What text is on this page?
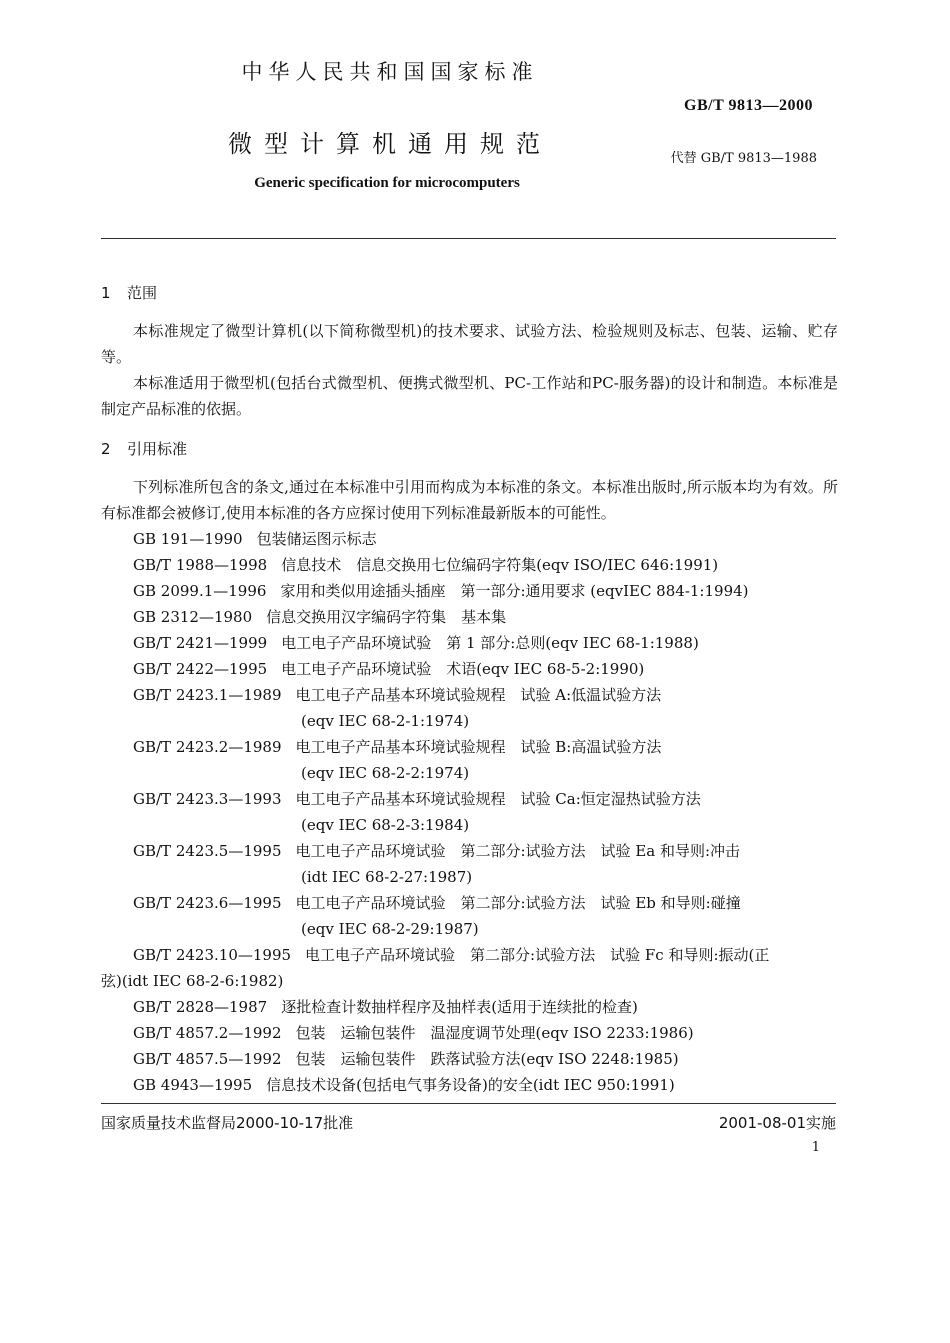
中华人民共和国国家标准
GB/T 9813—2000
微型计算机通用规范
代替 GB/T 9813—1988
Generic specification for microcomputers
1 范围

本标准规定了微型计算机(以下简称微型机)的技术要求、试验方法、检验规则及标志、包装、运输、贮存等。

本标准适用于微型机(包括台式微型机、便携式微型机、PC-工作站和PC-服务器)的设计和制造。本标准是制定产品标准的依据。

2 引用标准

下列标准所包含的条文,通过在本标准中引用而构成为本标准的条文。本标准出版时,所示版本均为有效。所有标准都会被修订,使用本标准的各方应探讨使用下列标准最新版本的可能性。

GB 191—1990 包装储运图示标志
GB/T 1988—1998 信息技术　信息交换用七位编码字符集(eqv ISO/IEC 646:1991)
GB 2099.1—1996 家用和类似用途插头插座　第一部分:通用要求 (eqvIEC 884-1:1994)
GB 2312—1980 信息交换用汉字编码字符集　基本集
GB/T 2421—1999 电工电子产品环境试验　第 1 部分:总则(eqv IEC 68-1:1988)
GB/T 2422—1995 电工电子产品环境试验　术语(eqv IEC 68-5-2:1990)
GB/T 2423.1—1989 电工电子产品基本环境试验规程　试验 A:低温试验方法
(eqv IEC 68-2-1:1974)
GB/T 2423.2—1989 电工电子产品基本环境试验规程　试验 B:高温试验方法
(eqv IEC 68-2-2:1974)
GB/T 2423.3—1993 电工电子产品基本环境试验规程　试验 Ca:恒定湿热试验方法
(eqv IEC 68-2-3:1984)
GB/T 2423.5—1995 电工电子产品环境试验　第二部分:试验方法　试验 Ea 和导则:冲击
(idt IEC 68-2-27:1987)
GB/T 2423.6—1995 电工电子产品环境试验　第二部分:试验方法　试验 Eb 和导则:碰撞
(eqv IEC 68-2-29:1987)
GB/T 2423.10—1995 电工电子产品环境试验　第二部分:试验方法　试验 Fc 和导则:振动(正
弦)(idt IEC 68-2-6:1982)
GB/T 2828—1987 逐批检查计数抽样程序及抽样表(适用于连续批的检查)
GB/T 4857.2—1992 包装　运输包装件　温湿度调节处理(eqv ISO 2233:1986)
GB/T 4857.5—1992 包装　运输包装件　跌落试验方法(eqv ISO 2248:1985)
GB 4943—1995 信息技术设备(包括电气事务设备)的安全(idt IEC 950:1991)
国家质量技术监督局2000-10-17批准	2001-08-01实施
1
